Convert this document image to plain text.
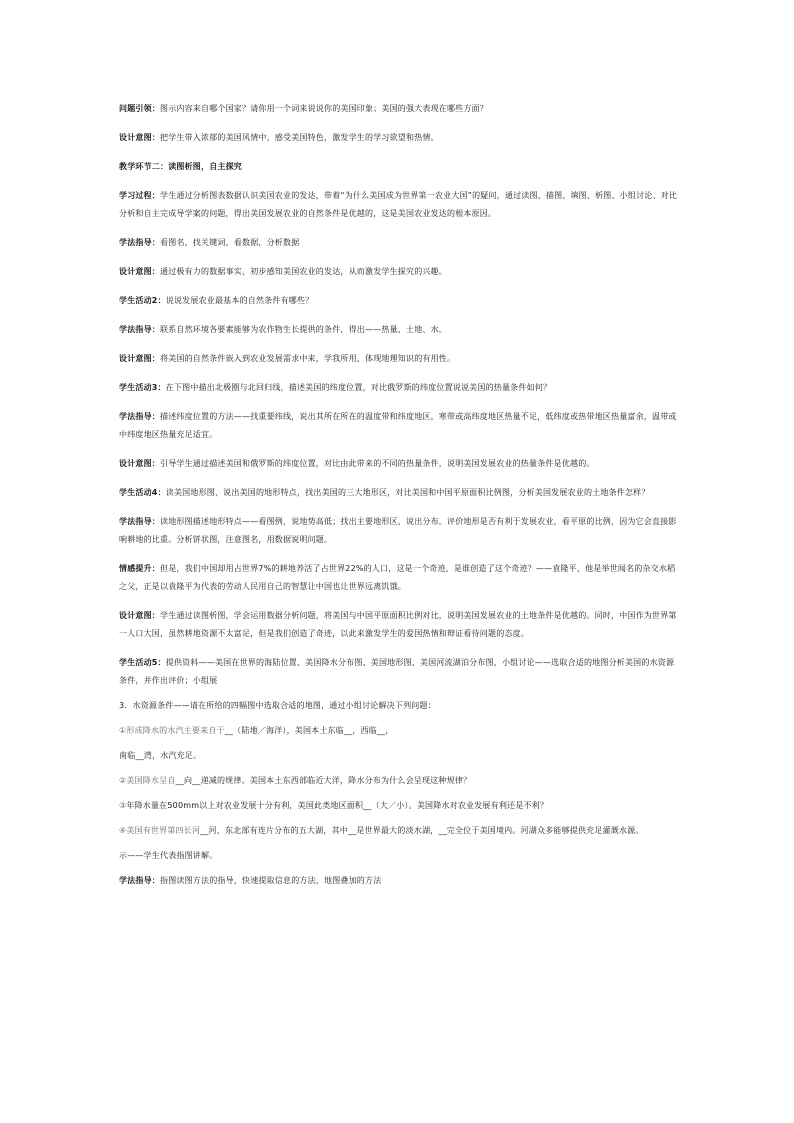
问题引领：图示内容来自哪个国家？请你用一个词来说说你的美国印象；美国的强大表现在哪些方面？

设计意图：把学生带入浓郁的美国风情中，感受美国特色，激发学生的学习欲望和热情。

教学环节二：读图析图，自主探究

学习过程：学生通过分析图表数据认识美国农业的发达，带着“为什么美国成为世界第一农业大国”的疑问，通过读图、描图、填图、析图、小组讨论、对比分析和自主完成导学案的问题，得出美国发展农业的自然条件是优越的，这是美国农业发达的根本原因。

学法指导：看图名，找关键词，看数据，分析数据

设计意图：通过极有力的数据事实，初步感知美国农业的发达，从而激发学生探究的兴趣。

学生活动2：说说发展农业最基本的自然条件有哪些？

学法指导：联系自然环境各要素能够为农作物生长提供的条件，得出——热量、土地、水。

设计意图：将美国的自然条件嵌入到农业发展需求中来，学我所用，体现地理知识的有用性。

学生活动3：在下图中描出北极圈与北回归线，描述美国的纬度位置，对比俄罗斯的纬度位置说说美国的热量条件如何？

学法指导：描述纬度位置的方法——找重要纬线，说出其所在所在的温度带和纬度地区，寒带或高纬度地区热量不足，低纬度或热带地区热量富余，温带或中纬度地区热量充足适宜。

设计意图：引导学生通过描述美国和俄罗斯的纬度位置，对比由此带来的不同的热量条件，说明美国发展农业的热量条件是优越的。

学生活动4：读美国地形图，说出美国的地形特点，找出美国的三大地形区，对比美国和中国平原面积比例图，分析美国发展农业的土地条件怎样？

学法指导：读地形图描述地形特点——看图例，说地势高低；找出主要地形区，说出分布。评价地形是否有利于发展农业，看平原的比例，因为它会直接影响耕地的比重。分析饼状图，注意图名，用数据说明问题。

情感提升：但是，我们中国却用占世界7%的耕地养活了占世界22%的人口，这是一个奇迹，是谁创造了这个奇迹？——袁隆平，他是举世闻名的杂交水稻之父，正是以袁隆平为代表的劳动人民用自己的智慧让中国也让世界远离饥饿。

设计意图：学生通过读图析图，学会运用数据分析问题，将美国与中国平原面积比例对比，说明美国发展农业的土地条件是优越的。同时，中国作为世界第一人口大国，虽然耕地资源不太富足，但是我们创造了奇迹，以此来激发学生的爱国热情和辩证看待问题的态度。

学生活动5：提供资料——美国在世界的海陆位置、美国降水分布图、美国地形图、美国河流湖泊分布图，小组讨论——选取合适的地图分析美国的水资源条件，并作出评价；小组展

3．水资源条件——请在所给的四幅图中选取合适的地图，通过小组讨论解决下列问题：

①形成降水的水汽主要来自于__（陆地／海洋），美国本土东临__，西临__，

南临__湾，水汽充足。

②美国降水呈自__向__递减的规律。美国本土东西部临近大洋，降水分布为什么会呈现这种规律？

③年降水量在500mm以上对农业发展十分有利，美国此类地区面积__（大／小）。美国降水对农业发展有利还是不利？

④美国有世界第四长河__河，东北部有连片分布的五大湖，其中__是世界最大的淡水湖，__完全位于美国境内。河湖众多能够提供充足灌溉水源。

示——学生代表指图讲解。

学法指导：指图读图方法的指导，快速提取信息的方法，地图叠加的方法
